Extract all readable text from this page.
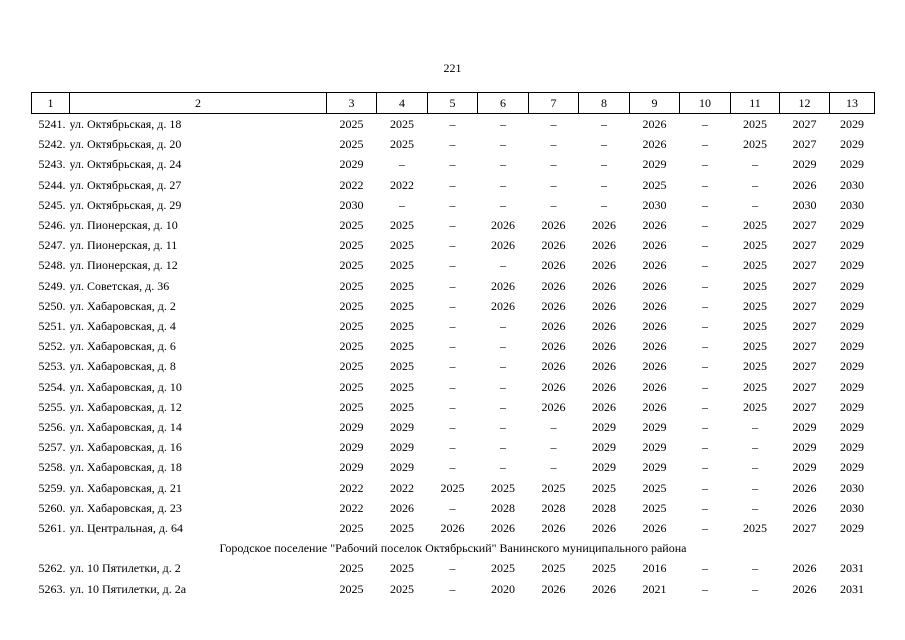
221
1	2	3	4	5	6	7	8	9	10	11	12	13
5241.	ул. Октябрьская, д. 18	2025	2025	–	–	–	–	2026	–	2025	2027	2029
5242.	ул. Октябрьская, д. 20	2025	2025	–	–	–	–	2026	–	2025	2027	2029
5243.	ул. Октябрьская, д. 24	2029	–	–	–	–	–	2029	–	–	2029	2029
5244.	ул. Октябрьская, д. 27	2022	2022	–	–	–	–	2025	–	–	2026	2030
5245.	ул. Октябрьская, д. 29	2030	–	–	–	–	–	2030	–	–	2030	2030
5246.	ул. Пионерская, д. 10	2025	2025	–	2026	2026	2026	2026	–	2025	2027	2029
5247.	ул. Пионерская, д. 11	2025	2025	–	2026	2026	2026	2026	–	2025	2027	2029
5248.	ул. Пионерская, д. 12	2025	2025	–	–	2026	2026	2026	–	2025	2027	2029
5249.	ул. Советская, д. 36	2025	2025	–	2026	2026	2026	2026	–	2025	2027	2029
5250.	ул. Хабаровская, д. 2	2025	2025	–	2026	2026	2026	2026	–	2025	2027	2029
5251.	ул. Хабаровская, д. 4	2025	2025	–	–	2026	2026	2026	–	2025	2027	2029
5252.	ул. Хабаровская, д. 6	2025	2025	–	–	2026	2026	2026	–	2025	2027	2029
5253.	ул. Хабаровская, д. 8	2025	2025	–	–	2026	2026	2026	–	2025	2027	2029
5254.	ул. Хабаровская, д. 10	2025	2025	–	–	2026	2026	2026	–	2025	2027	2029
5255.	ул. Хабаровская, д. 12	2025	2025	–	–	2026	2026	2026	–	2025	2027	2029
5256.	ул. Хабаровская, д. 14	2029	2029	–	–	–	2029	2029	–	–	2029	2029
5257.	ул. Хабаровская, д. 16	2029	2029	–	–	–	2029	2029	–	–	2029	2029
5258.	ул. Хабаровская, д. 18	2029	2029	–	–	–	2029	2029	–	–	2029	2029
5259.	ул. Хабаровская, д. 21	2022	2022	2025	2025	2025	2025	2025	–	–	2026	2030
5260.	ул. Хабаровская, д. 23	2022	2026	–	2028	2028	2028	2025	–	–	2026	2030
5261.	ул. Центральная, д. 64	2025	2025	2026	2026	2026	2026	2026	–	2025	2027	2029
Городское поселение "Рабочий поселок Октябрьский" Ванинского муниципального района												
5262.	ул. 10 Пятилетки, д. 2	2025	2025	–	2025	2025	2025	2016	–	–	2026	2031
5263.	ул. 10 Пятилетки, д. 2а	2025	2025	–	2020	2026	2026	2021	–	–	2026	2031
